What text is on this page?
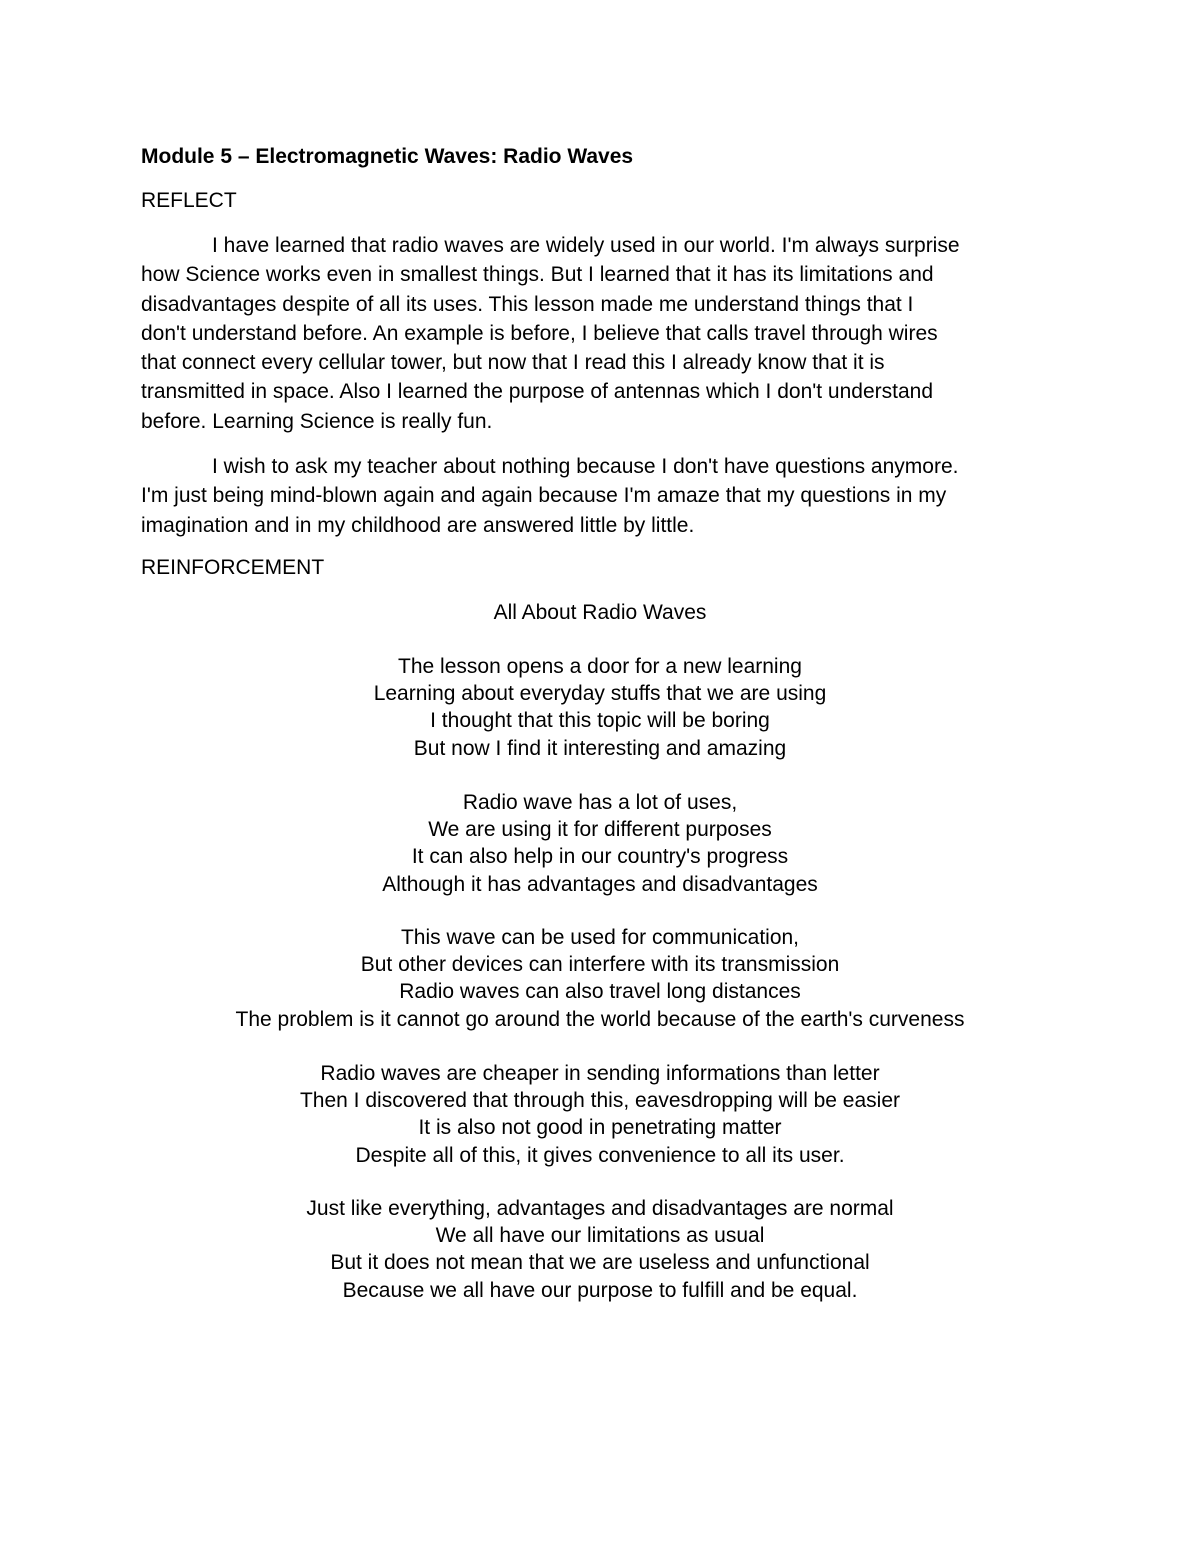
Module 5 – Electromagnetic Waves: Radio Waves
REFLECT
I have learned that radio waves are widely used in our world. I'm always surprise
how Science works even in smallest things. But I learned that it has its limitations and
disadvantages despite of all its uses. This lesson made me understand things that I
don't understand before. An example is before, I believe that calls travel through wires
that connect every cellular tower, but now that I read this I already know that it is
transmitted in space. Also I learned the purpose of antennas which I don't understand
before. Learning Science is really fun.
I wish to ask my teacher about nothing because I don't have questions anymore.
I'm just being mind-blown again and again because I'm amaze that my questions in my
imagination and in my childhood are answered little by little.
REINFORCEMENT
All About Radio Waves
The lesson opens a door for a new learning
Learning about everyday stuffs that we are using
I thought that this topic will be boring
But now I find it interesting and amazing
Radio wave has a lot of uses,
We are using it for different purposes
It can also help in our country's progress
Although it has advantages and disadvantages
This wave can be used for communication,
But other devices can interfere with its transmission
Radio waves can also travel long distances
The problem is it cannot go around the world because of the earth's curveness
Radio waves are cheaper in sending informations than letter
Then I discovered that through this, eavesdropping will be easier
It is also not good in penetrating matter
Despite all of this, it gives convenience to all its user.
Just like everything, advantages and disadvantages are normal
We all have our limitations as usual
But it does not mean that we are useless and unfunctional
Because we all have our purpose to fulfill and be equal.
